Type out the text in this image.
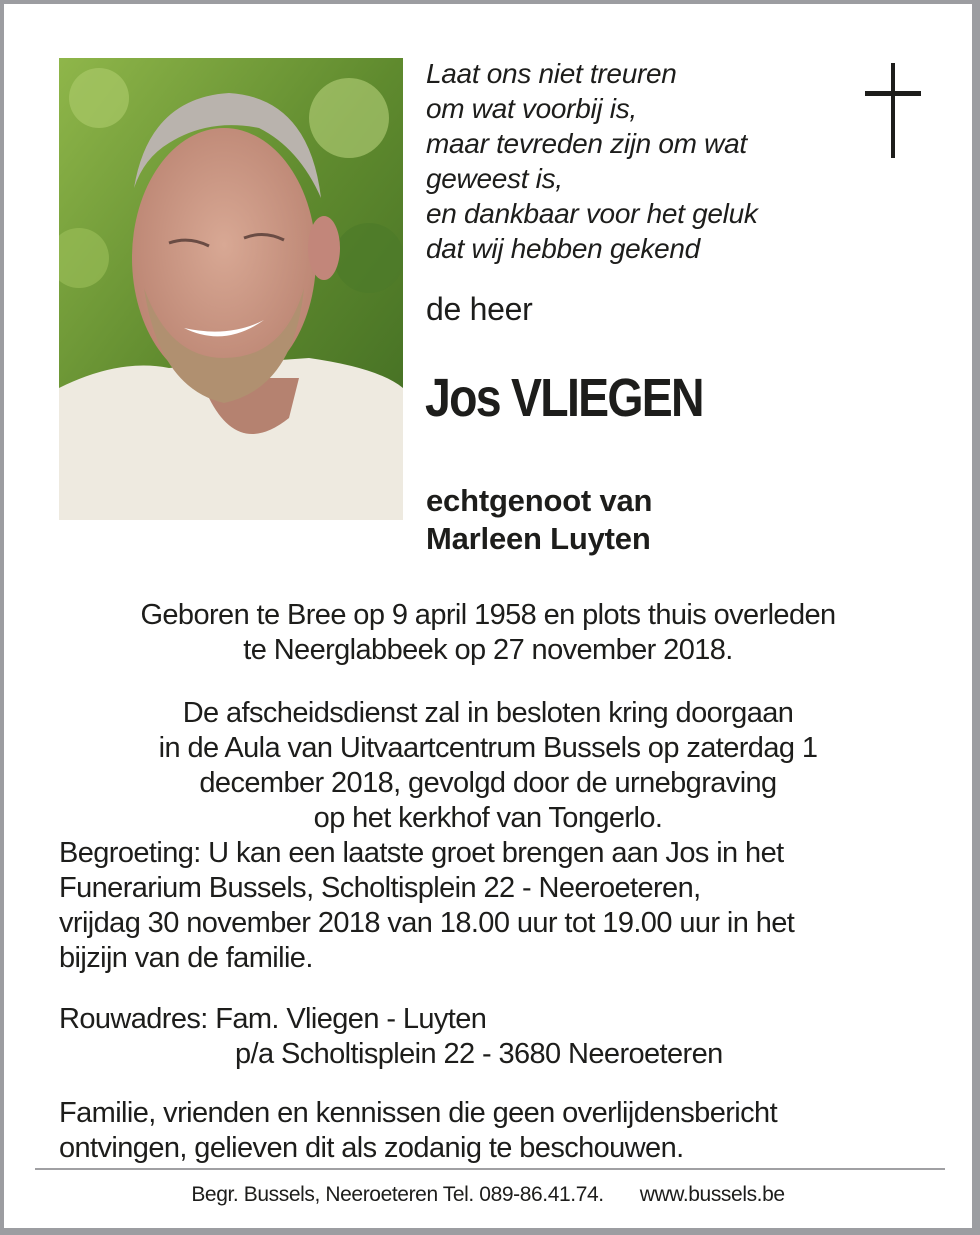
Laat ons niet treuren
om wat voorbij is,
maar tevreden zijn om wat
geweest is,
en dankbaar voor het geluk
dat wij hebben gekend
de heer
Jos VLIEGEN
echtgenoot van
Marleen Luyten
Geboren te Bree op 9 april 1958 en plots thuis overleden
te Neerglabbeek op 27 november 2018.
De afscheidsdienst zal in besloten kring doorgaan
in de Aula van Uitvaartcentrum Bussels op zaterdag 1
december 2018, gevolgd door de urnebgraving
op het kerkhof van Tongerlo.
Begroeting: U kan een laatste groet brengen aan Jos in het
Funerarium Bussels, Scholtisplein 22 - Neeroeteren,
vrijdag 30 november 2018 van 18.00 uur tot 19.00 uur in het
bijzijn van de familie.
Rouwadres: Fam. Vliegen - Luyten
p/a Scholtisplein 22 - 3680 Neeroeteren
Familie, vrienden en kennissen die geen overlijdensbericht
ontvingen, gelieven dit als zodanig te beschouwen.
Begr. Bussels, Neeroeteren Tel. 089-86.41.74. www.bussels.be
